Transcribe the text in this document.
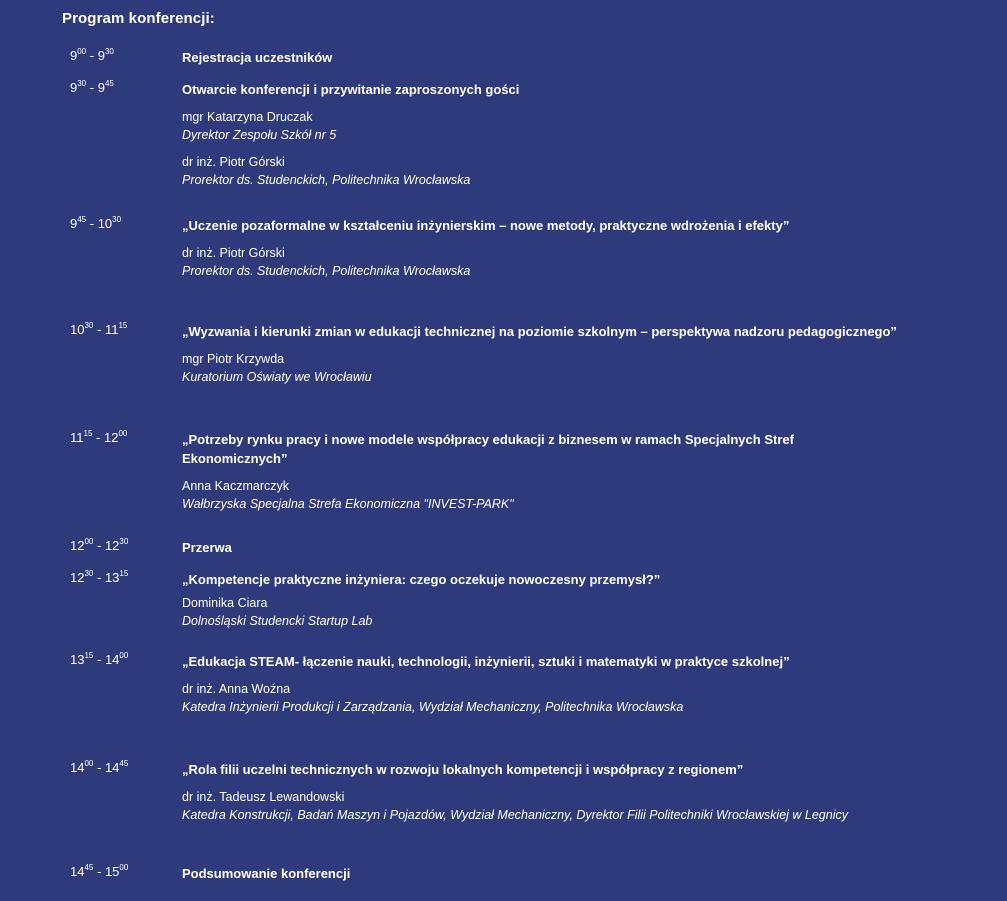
Program konferencji:
$9^{00} - 9^{30}$	Rejestracja uczestników
$9^{30} - 9^{45}$	Otwarcie konferencji i przywitanie zaproszonych gości
mgr Katarzyna Druczak
Dyrektor Zespołu Szkół nr 5
dr inż. Piotr Górski
Prorektor ds. Studenckich, Politechnika Wrocławska
$9^{45} - 10^{30}$	„Uczenie pozaformalne w kształceniu inżynierskim – nowe metody, praktyczne wdrożenia i efekty”
dr inż. Piotr Górski
Prorektor ds. Studenckich, Politechnika Wrocławska
$10^{30} - 11^{15}$	„Wyzwania i kierunki zmian w edukacji technicznej na poziomie szkolnym – perspektywa nadzoru pedagogicznego”
mgr Piotr Krzywda
Kuratorium Oświaty we Wrocławiu
$11^{15} - 12^{00}$	„Potrzeby rynku pracy i nowe modele współpracy edukacji z biznesem w ramach Specjalnych Stref Ekonomicznych”
Anna Kaczmarczyk
Wałbrzyska Specjalna Strefa Ekonomiczna "INVEST-PARK"
$12^{00} - 12^{30}$	Przerwa
$12^{30} - 13^{15}$	„Kompetencje praktyczne inżyniera: czego oczekuje nowoczesny przemysł?”
Dominika Ciara
Dolnośląski Studencki Startup Lab
$13^{15} - 14^{00}$	„Edukacja STEAM- łączenie nauki, technologii, inżynierii, sztuki i matematyki w praktyce szkolnej”
dr inż. Anna Woźna
Katedra Inżynierii Produkcji i Zarządzania, Wydział Mechaniczny, Politechnika Wrocławska
$14^{00} - 14^{45}$	„Rola filii uczelni technicznych w rozwoju lokalnych kompetencji i współpracy z regionem”
dr inż. Tadeusz Lewandowski
Katedra Konstrukcji, Badań Maszyn i Pojazdów, Wydział Mechaniczny, Dyrektor Filii Politechniki Wrocławskiej w Legnicy
$14^{45} - 15^{00}$	Podsumowanie konferencji
